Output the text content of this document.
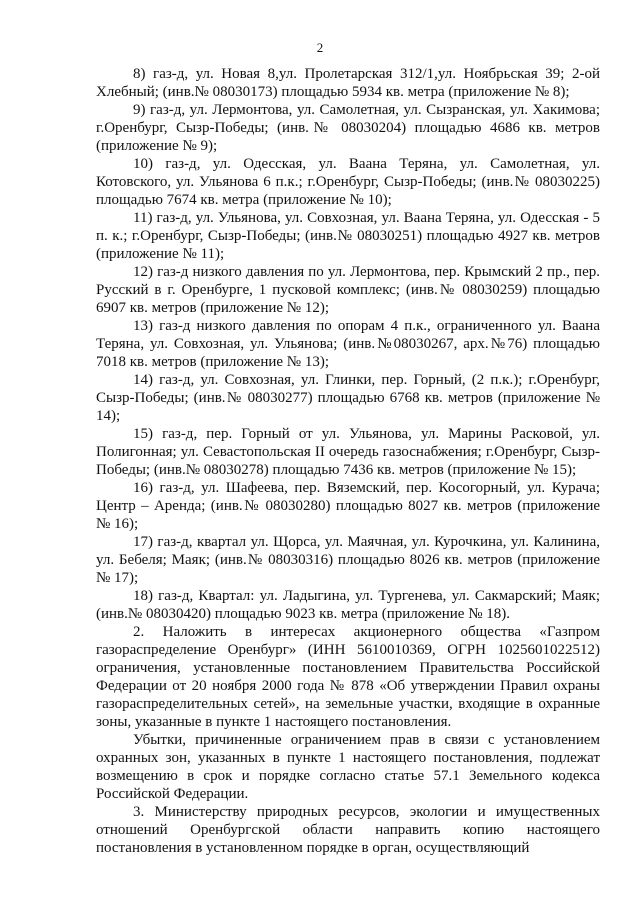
2

8) газ-д, ул. Новая 8,ул. Пролетарская 312/1,ул. Ноябрьская 39; 2-ой Хлебный; (инв.№ 08030173) площадью 5934 кв. метра (приложение № 8);

9) газ-д, ул. Лермонтова, ул. Самолетная, ул. Сызранская, ул. Хакимова; г.Оренбург, Сызр-Победы; (инв.№ 08030204) площадью 4686 кв. метров (приложение № 9);

10) газ-д, ул. Одесская, ул. Ваана Теряна, ул. Самолетная, ул. Котовского, ул. Ульянова 6 п.к.; г.Оренбург, Сызр-Победы; (инв.№ 08030225) площадью 7674 кв. метра (приложение № 10);

11) газ-д, ул. Ульянова, ул. Совхозная, ул. Ваана Теряна, ул. Одесская - 5 п. к.; г.Оренбург, Сызр-Победы; (инв.№ 08030251) площадью 4927 кв. метров (приложение № 11);

12) газ-д низкого давления по ул. Лермонтова, пер. Крымский 2 пр., пер. Русский в г. Оренбурге, 1 пусковой комплекс; (инв.№ 08030259) площадью 6907 кв. метров (приложение № 12);

13) газ-д низкого давления по опорам 4 п.к., ограниченного ул. Ваана Теряна, ул. Совхозная, ул. Ульянова; (инв.№08030267, арх.№76) площадью 7018 кв. метров (приложение № 13);

14) газ-д, ул. Совхозная, ул. Глинки, пер. Горный, (2 п.к.); г.Оренбург, Сызр-Победы; (инв.№ 08030277) площадью 6768 кв. метров (приложение № 14);

15) газ-д, пер. Горный от ул. Ульянова, ул. Марины Расковой, ул. Полигонная; ул. Севастопольская II очередь газоснабжения; г.Оренбург, Сызр-Победы; (инв.№ 08030278) площадью 7436 кв. метров (приложение № 15);

16) газ-д, ул. Шафеева, пер. Вяземский, пер. Косогорный, ул. Курача; Центр – Аренда; (инв.№ 08030280) площадью 8027 кв. метров (приложение № 16);

17) газ-д, квартал ул. Щорса, ул. Маячная, ул. Курочкина, ул. Калинина, ул. Бебеля; Маяк; (инв.№ 08030316) площадью 8026 кв. метров (приложение № 17);

18) газ-д, Квартал: ул. Ладыгина, ул. Тургенева, ул. Сакмарский; Маяк; (инв.№ 08030420) площадью 9023 кв. метра (приложение № 18).

2. Наложить в интересах акционерного общества «Газпром газораспределение Оренбург» (ИНН 5610010369, ОГРН 1025601022512) ограничения, установленные постановлением Правительства Российской Федерации от 20 ноября 2000 года № 878 «Об утверждении Правил охраны газораспределительных сетей», на земельные участки, входящие в охранные зоны, указанные в пункте 1 настоящего постановления.

Убытки, причиненные ограничением прав в связи с установлением охранных зон, указанных в пункте 1 настоящего постановления, подлежат возмещению в срок и порядке согласно статье 57.1 Земельного кодекса Российской Федерации.

3. Министерству природных ресурсов, экологии и имущественных отношений Оренбургской области направить копию настоящего постановления в установленном порядке в орган, осуществляющий
